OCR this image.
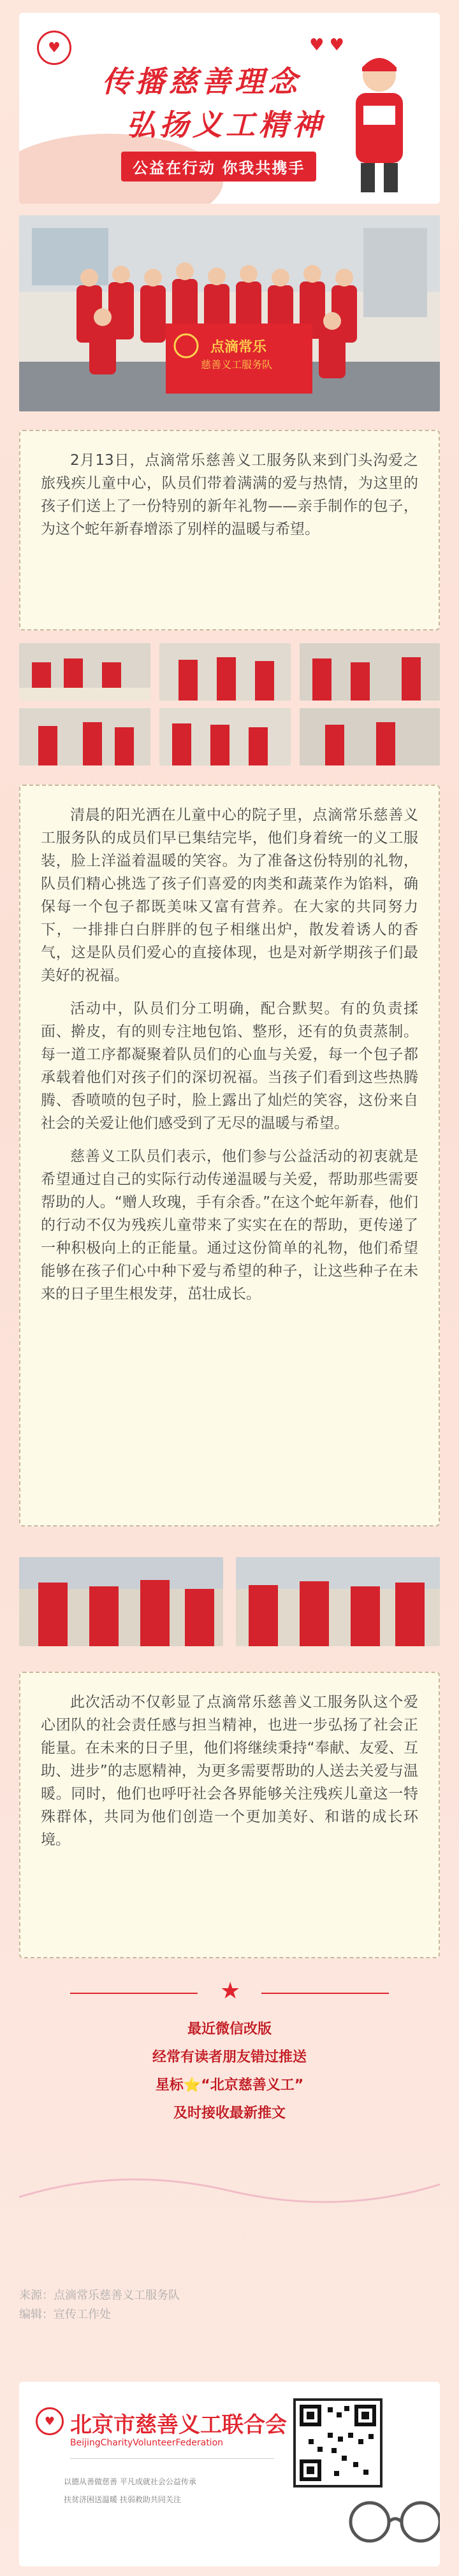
♥	♥ ♥
传播慈善理念
弘扬义工精神
公益在行动 你我共携手
点滴常乐
慈善义工服务队

2月13日，点滴常乐慈善义工服务队来到门头沟爱之旅残疾儿童中心，队员们带着满满的爱与热情，为这里的孩子们送上了一份特别的新年礼物——亲手制作的包子，为这个蛇年新春增添了别样的温暖与希望。

清晨的阳光洒在儿童中心的院子里，点滴常乐慈善义工服务队的成员们早已集结完毕，他们身着统一的义工服装，脸上洋溢着温暖的笑容。为了准备这份特别的礼物，队员们精心挑选了孩子们喜爱的肉类和蔬菜作为馅料，确保每一个包子都既美味又富有营养。在大家的共同努力下，一排排白白胖胖的包子相继出炉，散发着诱人的香气，这是队员们爱心的直接体现，也是对新学期孩子们最美好的祝福。

活动中，队员们分工明确，配合默契。有的负责揉面、擀皮，有的则专注地包馅、整形，还有的负责蒸制。每一道工序都凝聚着队员们的心血与关爱，每一个包子都承载着他们对孩子们的深切祝福。当孩子们看到这些热腾腾、香喷喷的包子时，脸上露出了灿烂的笑容，这份来自社会的关爱让他们感受到了无尽的温暖与希望。

慈善义工队员们表示，他们参与公益活动的初衷就是希望通过自己的实际行动传递温暖与关爱，帮助那些需要帮助的人。“赠人玫瑰，手有余香。”在这个蛇年新春，他们的行动不仅为残疾儿童带来了实实在在的帮助，更传递了一种积极向上的正能量。通过这份简单的礼物，他们希望能够在孩子们心中种下爱与希望的种子，让这些种子在未来的日子里生根发芽，茁壮成长。

此次活动不仅彰显了点滴常乐慈善义工服务队这个爱心团队的社会责任感与担当精神，也进一步弘扬了社会正能量。在未来的日子里，他们将继续秉持“奉献、友爱、互助、进步”的志愿精神，为更多需要帮助的人送去关爱与温暖。同时，他们也呼吁社会各界能够关注残疾儿童这一特殊群体，共同为他们创造一个更加美好、和谐的成长环境。

★
最近微信改版
经常有读者朋友错过推送
星标⭐“北京慈善义工”
及时接收最新推文
来源：点滴常乐慈善义工服务队
编辑：宣传工作处
♥ 北京市慈善义工联合会
BeijingCharityVolunteerFederation
以德从善做慈善 平凡成就社会公益传承
扶贫济困送温暖 扶弱救助共同关注
